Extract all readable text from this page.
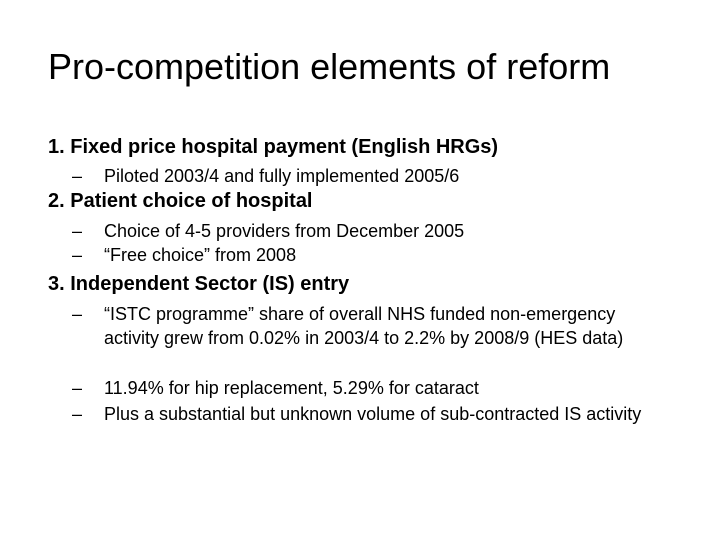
Pro-competition elements of reform
1. Fixed price hospital payment (English HRGs)
– Piloted 2003/4 and fully implemented 2005/6
2. Patient choice of hospital
– Choice of 4-5 providers from December 2005
– “Free choice” from 2008
3. Independent Sector (IS) entry
– “ISTC programme” share of overall NHS funded non-emergency activity grew from 0.02% in 2003/4 to 2.2% by 2008/9 (HES data)
– 11.94% for hip replacement, 5.29% for cataract
– Plus a substantial but unknown volume of sub-contracted IS activity
